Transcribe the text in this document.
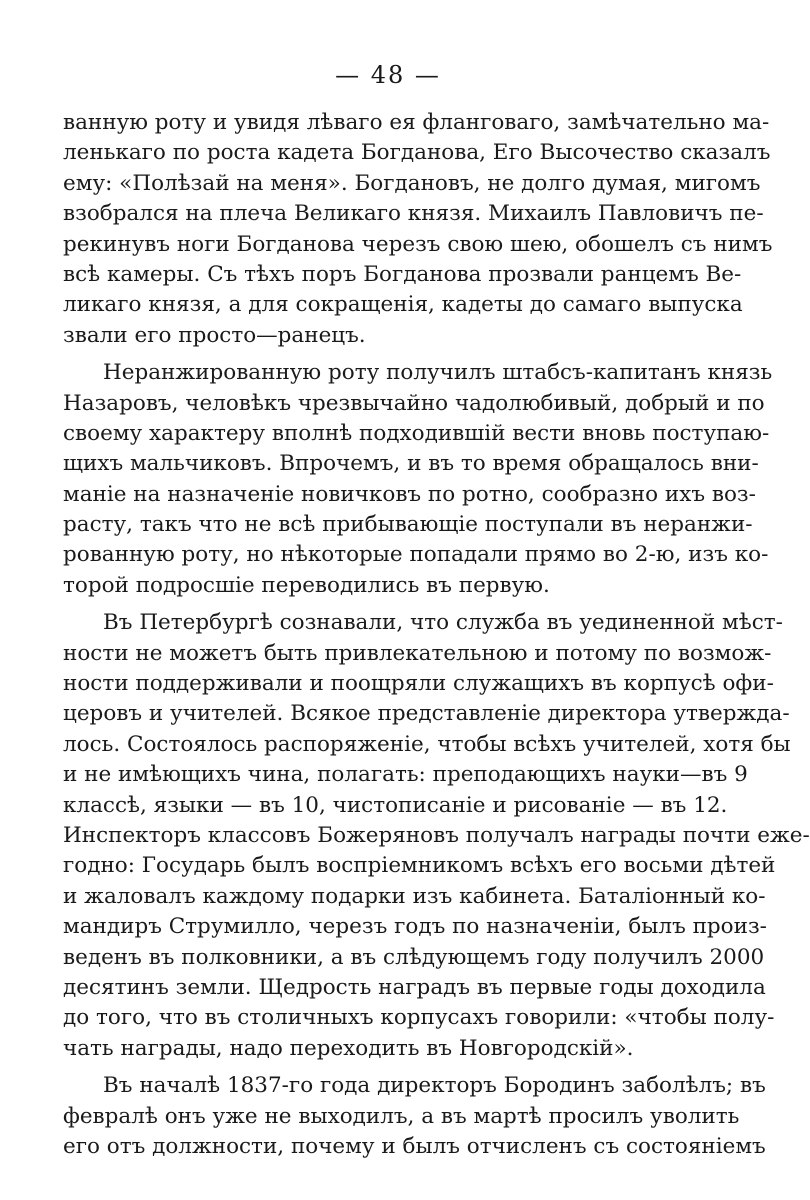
— 48 —
ванную роту и увидя лѣваго ея фланговаго, замѣчательно ма-
ленькаго по роста кадета Богданова, Его Высочество сказалъ
ему: «Полѣзай на меня». Богдановъ, не долго думая, мигомъ
взобрался на плеча Великаго князя. Михаилъ Павловичъ пе-
рекинувъ ноги Богданова черезъ свою шею, обошелъ съ нимъ
всѣ камеры. Съ тѣхъ поръ Богданова прозвали ранцемъ Ве-
ликаго князя, а для сокращенія, кадеты до самаго выпуска
звали его просто—ранецъ.
Неранжированную роту получилъ штабсъ-капитанъ князь
Назаровъ, человѣкъ чрезвычайно чадолюбивый, добрый и по
своему характеру вполнѣ подходившій вести вновь поступаю-
щихъ мальчиковъ. Впрочемъ, и въ то время обращалось вни-
маніе на назначеніе новичковъ по ротно, сообразно ихъ воз-
расту, такъ что не всѣ прибывающіе поступали въ неранжи-
рованную роту, но нѣкоторые попадали прямо во 2-ю, изъ ко-
торой подросшіе переводились въ первую.
Въ Петербургѣ сознавали, что служба въ уединенной мѣст-
ности не можетъ быть привлекательною и потому по возмож-
ности поддерживали и поощряли служащихъ въ корпусѣ офи-
церовъ и учителей. Всякое представленіе директора утвержда-
лось. Состоялось распоряженіе, чтобы всѣхъ учителей, хотя бы
и не имѣющихъ чина, полагать: преподающихъ науки—въ 9
классѣ, языки — въ 10, чистописаніе и рисованіе — въ 12.
Инспекторъ классовъ Божеряновъ получалъ награды почти еже-
годно: Государь былъ воспріемникомъ всѣхъ его восьми дѣтей
и жаловалъ каждому подарки изъ кабинета. Баталіонный ко-
мандиръ Струмилло, черезъ годъ по назначеніи, былъ произ-
веденъ въ полковники, а въ слѣдующемъ году получилъ 2000
десятинъ земли. Щедрость наградъ въ первые годы доходила
до того, что въ столичныхъ корпусахъ говорили: «чтобы полу-
чать награды, надо переходить въ Новгородскій».
Въ началѣ 1837-го года директоръ Бородинъ заболѣлъ; въ
февралѣ онъ уже не выходилъ, а въ мартѣ просилъ уволить
его отъ должности, почему и былъ отчисленъ съ состояніемъ
